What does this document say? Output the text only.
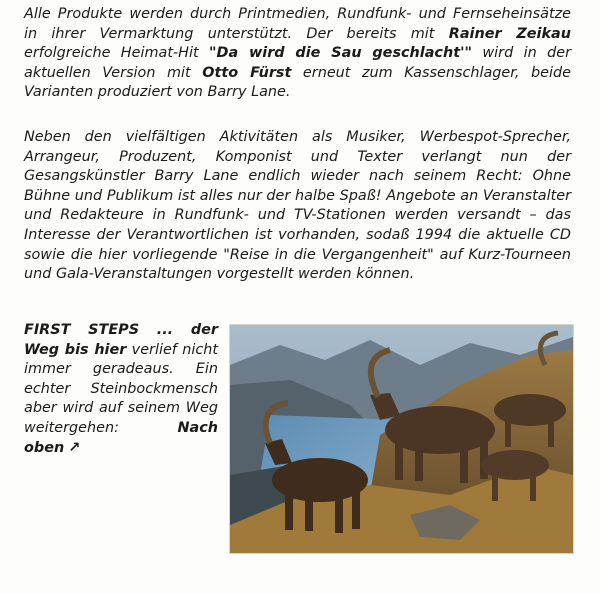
Alle Produkte werden durch Printmedien, Rundfunk- und Fernseheinsätze in ihrer Vermarktung unterstützt. Der bereits mit Rainer Zeikau erfolgreiche Heimat-Hit "Da wird die Sau geschlacht'" wird in der aktuellen Version mit Otto Fürst erneut zum Kassenschlager, beide Varianten produziert von Barry Lane.

Neben den vielfältigen Aktivitäten als Musiker, Werbespot-Sprecher, Arrangeur, Produzent, Komponist und Texter verlangt nun der Gesangskünstler Barry Lane endlich wieder nach seinem Recht: Ohne Bühne und Publikum ist alles nur der halbe Spaß! Angebote an Veranstalter und Redakteure in Rundfunk- und TV-Stationen werden versandt – das Interesse der Verantwortlichen ist vorhanden, sodaß 1994 die aktuelle CD sowie die hier vorliegende "Reise in die Vergangenheit" auf Kurz-Tourneen und Gala-Veranstaltungen vorgestellt werden können.

FIRST STEPS ... der Weg bis hier verlief nicht immer geradeaus. Ein echter Steinbockmensch aber wird auf seinem Weg weitergehen: Nach oben ↗
